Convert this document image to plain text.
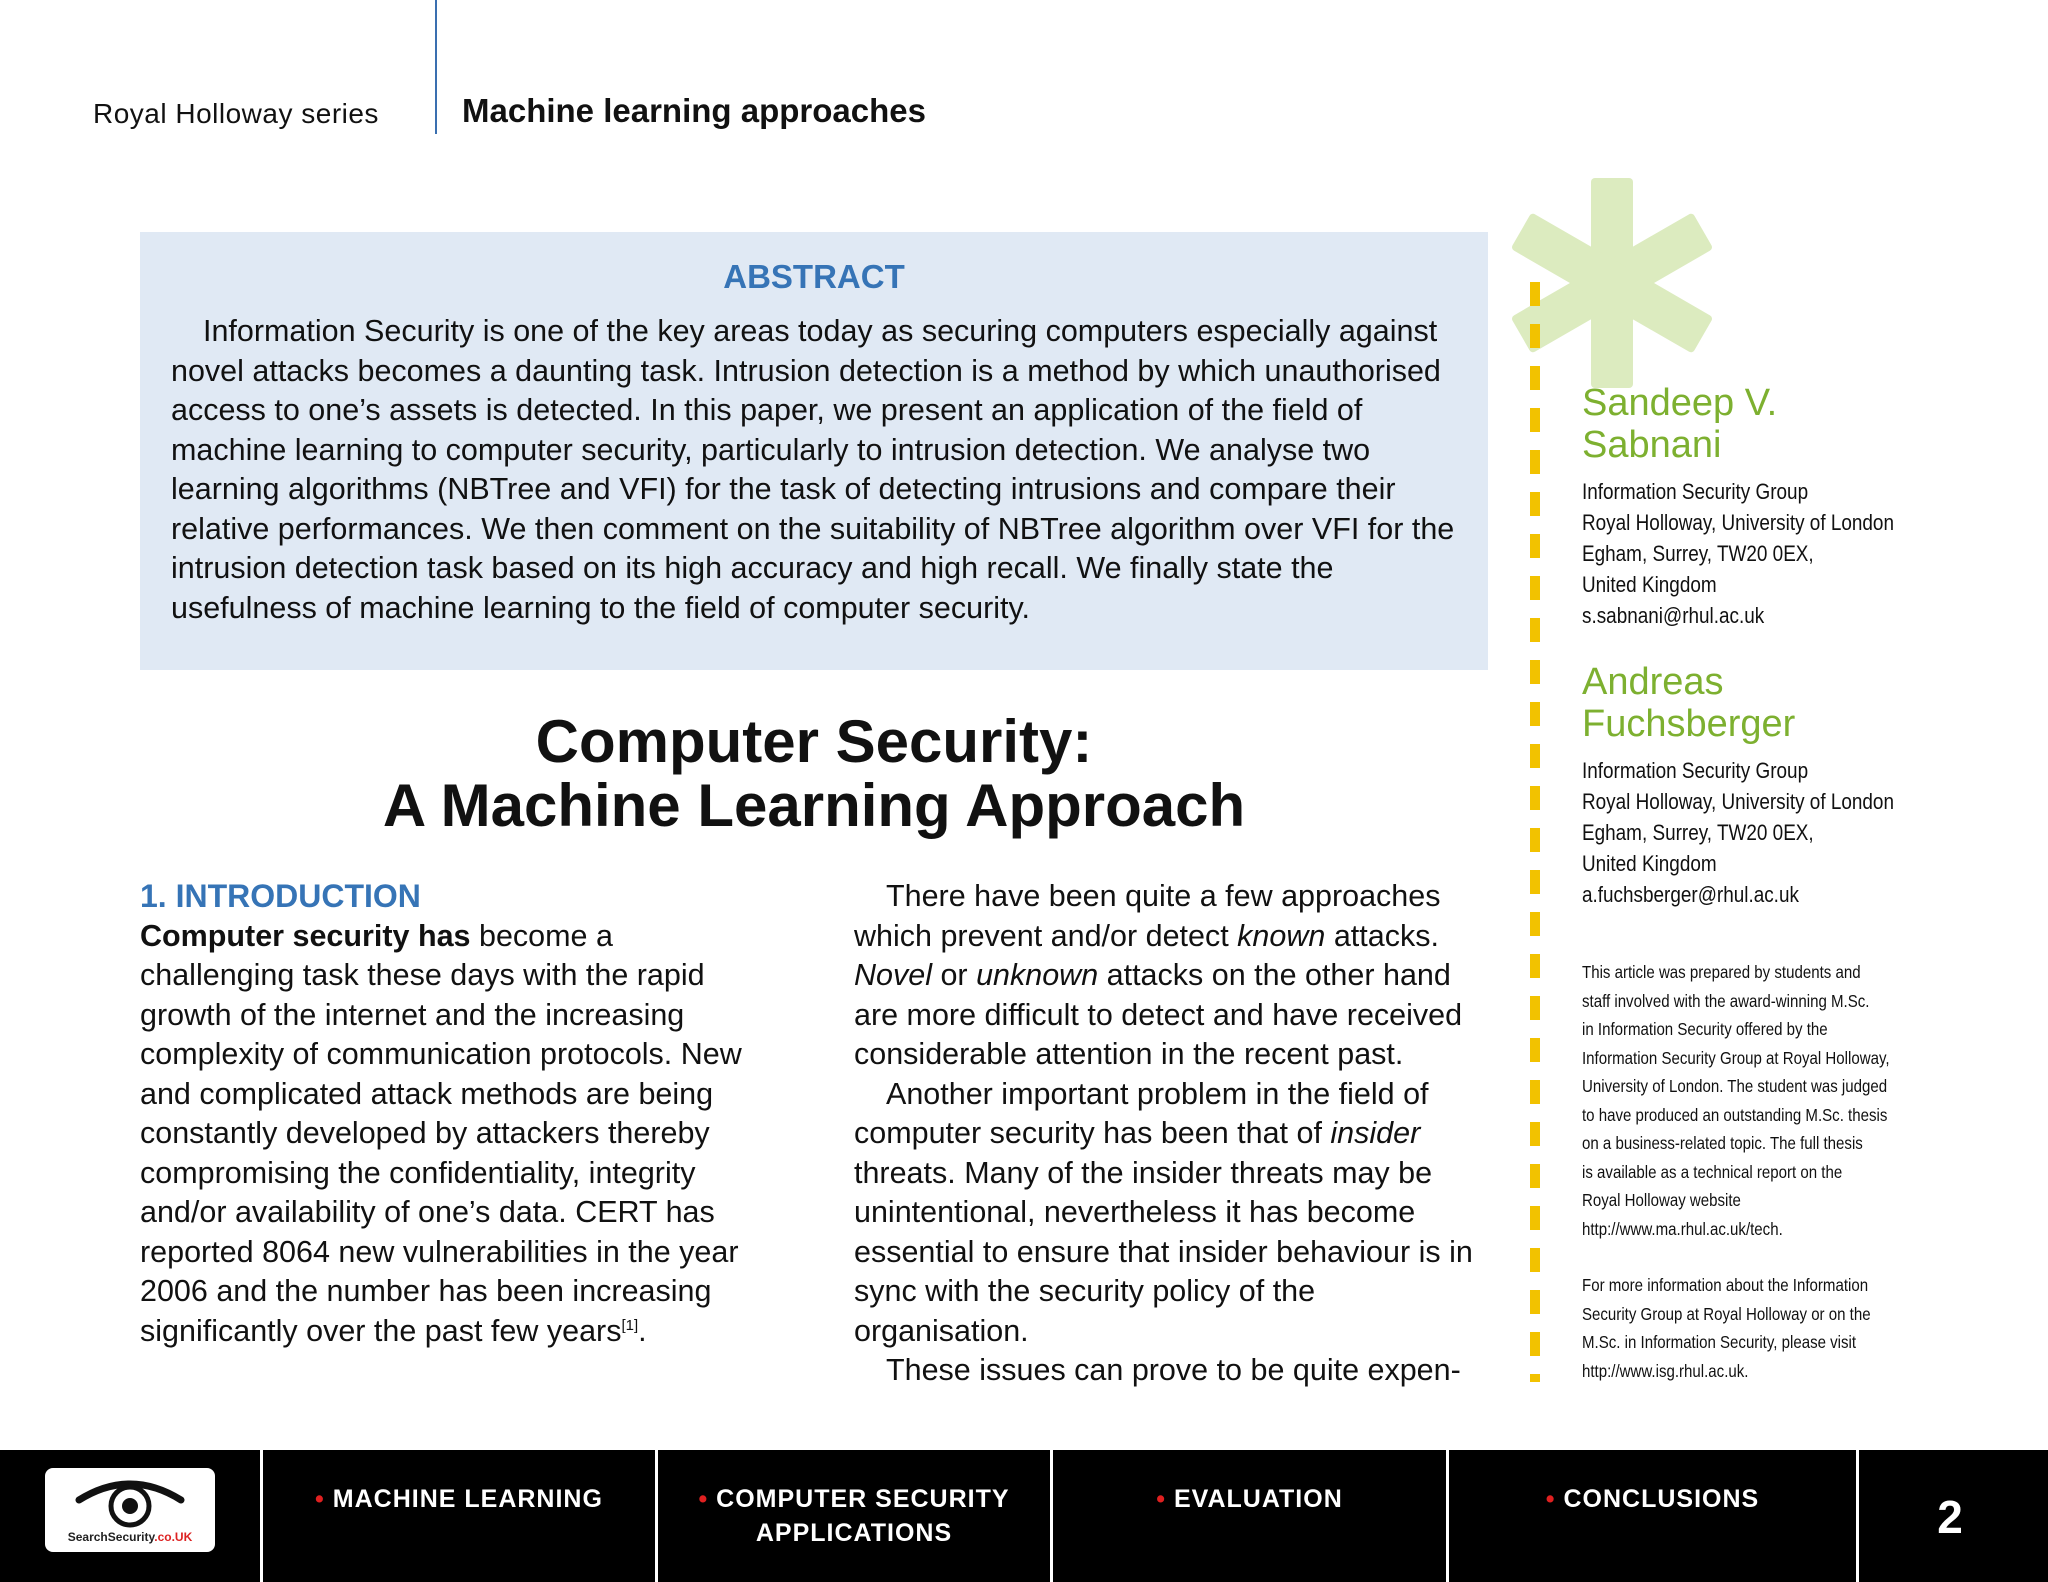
Royal Holloway series	Machine learning approaches
ABSTRACT

Information Security is one of the key areas today as securing computers especially against novel attacks becomes a daunting task. Intrusion detection is a method by which unauthorised access to one’s assets is detected. In this paper, we present an application of the field of machine learning to computer security, particularly to intrusion detection. We analyse two learning algorithms (NBTree and VFI) for the task of detecting intrusions and compare their relative performances. We then comment on the suitability of NBTree algorithm over VFI for the intrusion detection task based on its high accuracy and high recall. We finally state the usefulness of machine learning to the field of computer security.

Computer Security:
A Machine Learning Approach
1. INTRODUCTION

Computer security has become a challenging task these days with the rapid growth of the internet and the increasing complexity of communication protocols. New and complicated attack methods are being constantly developed by attackers thereby compromising the confidentiality, integrity and/or availability of one’s data. CERT has reported 8064 new vulnerabilities in the year 2006 and the number has been increasing significantly over the past few years[1].

There have been quite a few approaches which prevent and/or detect known attacks. Novel or unknown attacks on the other hand are more difficult to detect and have received considerable attention in the recent past.

Another important problem in the field of computer security has been that of insider threats. Many of the insider threats may be unintentional, nevertheless it has become essential to ensure that insider behaviour is in sync with the security policy of the organisation.

These issues can prove to be quite expen-

Sandeep V.
Sabnani

Information Security Group
Royal Holloway, University of London
Egham, Surrey, TW20 0EX,
United Kingdom
s.sabnani@rhul.ac.uk

Andreas
Fuchsberger

Information Security Group
Royal Holloway, University of London
Egham, Surrey, TW20 0EX,
United Kingdom
a.fuchsberger@rhul.ac.uk

This article was prepared by students and
staff involved with the award-winning M.Sc.
in Information Security offered by the
Information Security Group at Royal Holloway,
University of London. The student was judged
to have produced an outstanding M.Sc. thesis
on a business-related topic. The full thesis
is available as a technical report on the
Royal Holloway website
http://www.ma.rhul.ac.uk/tech.

For more information about the Information
Security Group at Royal Holloway or on the
M.Sc. in Information Security, please visit
http://www.isg.rhul.ac.uk.

SearchSecurity.co.UK
• MACHINE LEARNING	• COMPUTER SECURITY
APPLICATIONS
• EVALUATION	• CONCLUSIONS	2
